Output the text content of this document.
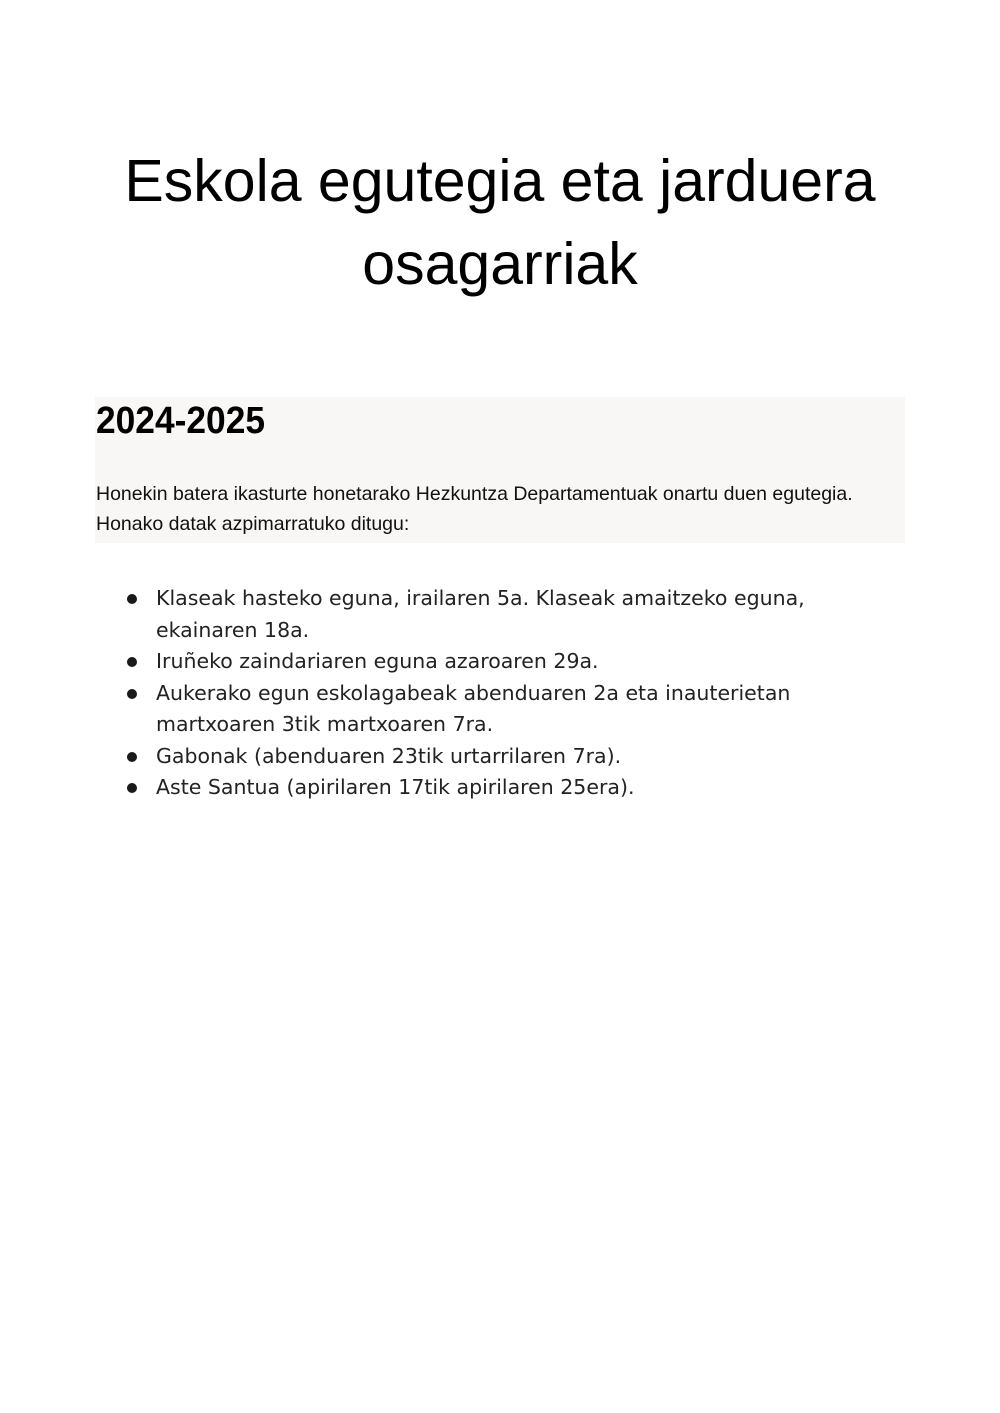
Eskola egutegia eta jarduera osagarriak
2024-2025

Honekin batera ikasturte honetarako Hezkuntza Departamentuak onartu duen egutegia. Honako datak azpimarratuko ditugu:

Klaseak hasteko eguna, irailaren 5a. Klaseak amaitzeko eguna, ekainaren 18a.
Iruñeko zaindariaren eguna azaroaren 29a.
Aukerako egun eskolagabeak abenduaren 2a eta inauterietan martxoaren 3tik martxoaren 7ra.
Gabonak (abenduaren 23tik urtarrilaren 7ra).
Aste Santua (apirilaren 17tik apirilaren 25era).
